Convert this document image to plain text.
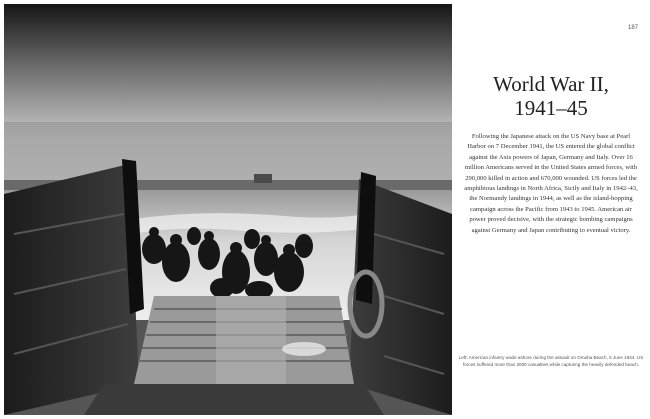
187
World War II,
1941–45

Following the Japanese attack on the US Navy base at Pearl Harbor on 7 December 1941, the US entered the global conflict against the Axis powers of Japan, Germany and Italy. Over 16 million Americans served in the United States armed forces, with 290,000 killed in action and 670,000 wounded. US forces led the amphibious landings in North Africa, Sicily and Italy in 1942–43, the Normandy landings in 1944, as well as the island-hopping campaign across the Pacific from 1943 to 1945. American air power proved decisive, with the strategic bombing campaigns against Germany and Japan contributing to eventual victory.

Left: American infantry wade ashore during the assault on Omaha Beach, 6 June 1944. US forces suffered more than 2000 casualties while capturing the heavily defended beach.
